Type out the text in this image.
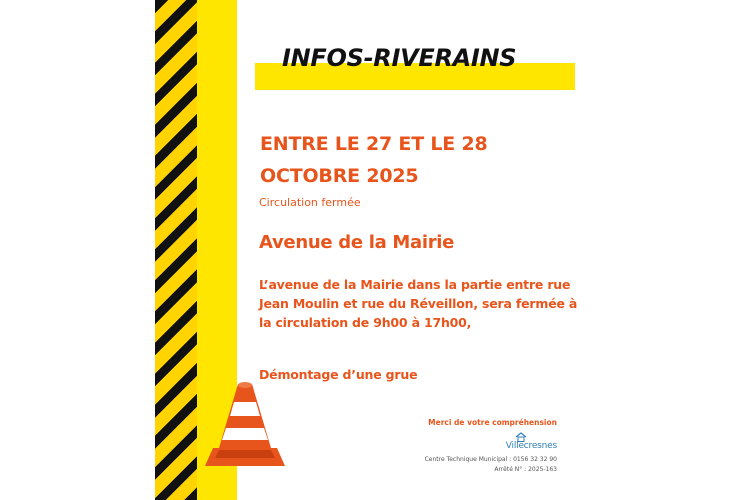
INFOS-RIVERAINS
ENTRE LE 27 ET LE 28 OCTOBRE 2025

Circulation fermée

Avenue de la Mairie

L’avenue de la Mairie dans la partie entre rue Jean Moulin et rue du Réveillon, sera fermée à la circulation de 9h00 à 17h00,

Démontage d’une grue

Merci de votre compréhension

Villecresnes

Centre Technique Municipal : 0156 32 32 90

Arrêté N° : 2025-163
